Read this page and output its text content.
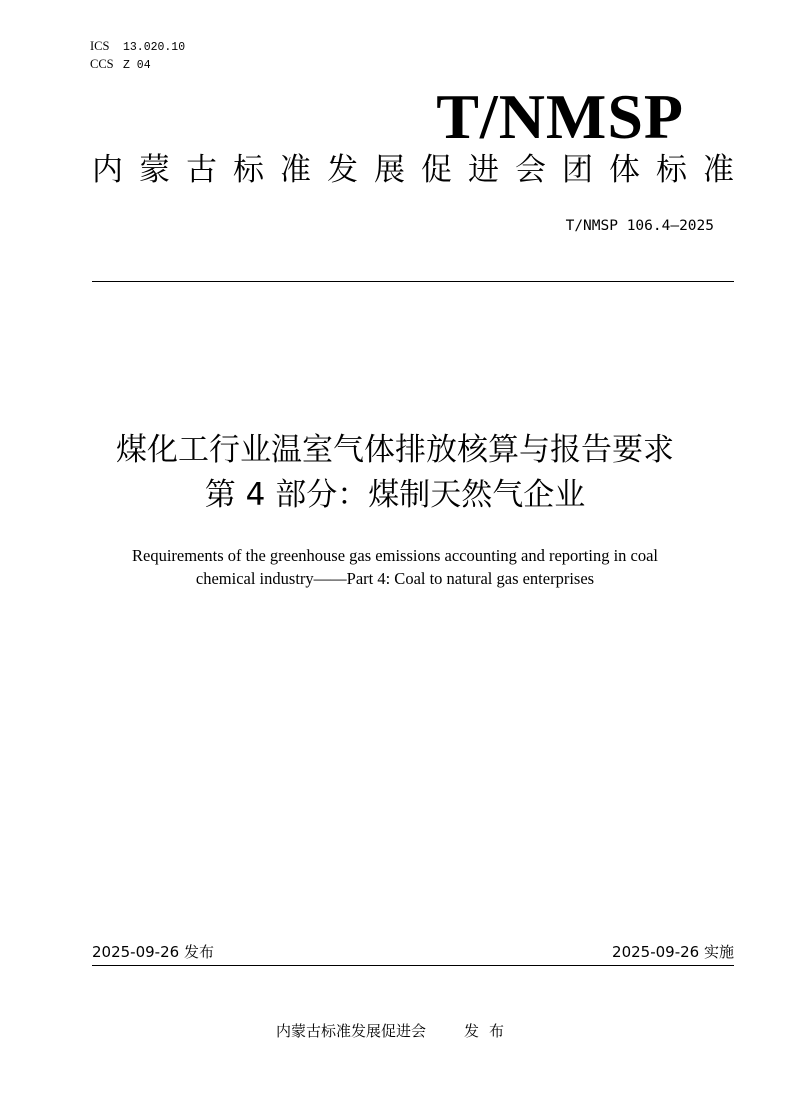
ICS 13.020.10
CCS Z 04
T/NMSP
内 蒙 古 标 准 发 展 促 进 会 团 体 标 准
T/NMSP 106.4—2025
煤化工行业温室气体排放核算与报告要求
第 4 部分：煤制天然气企业
Requirements of the greenhouse gas emissions accounting and reporting in coal
chemical industry——Part 4: Coal to natural gas enterprises
2025-09-26 发布	2025-09-26 实施
内蒙古标准发展促进会	发布
